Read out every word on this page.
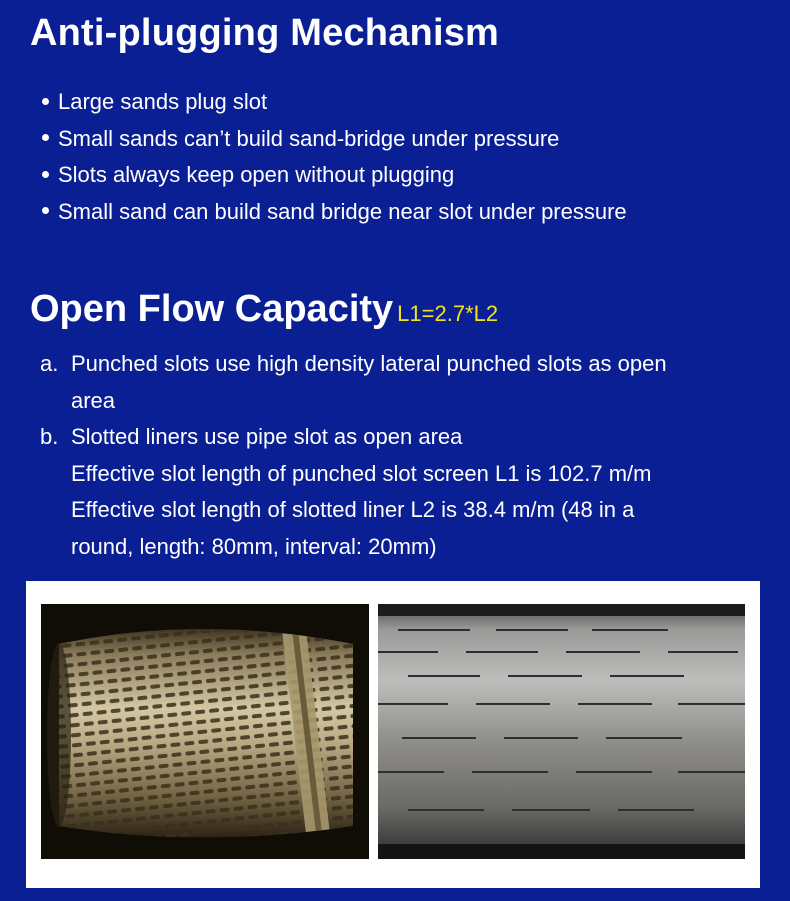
Anti-plugging Mechanism
Large sands plug slot
Small sands can’t build sand-bridge under pressure
Slots always keep open without plugging
Small sand can build sand bridge near slot under pressure
Open Flow Capacity L1=2.7*L2
a. Punched slots use high density lateral punched slots as open
area
b. Slotted liners use pipe slot as open area
Effective slot length of punched slot screen L1 is 102.7 m/m
Effective slot length of slotted liner L2 is 38.4 m/m (48 in a
round, length: 80mm, interval: 20mm)
